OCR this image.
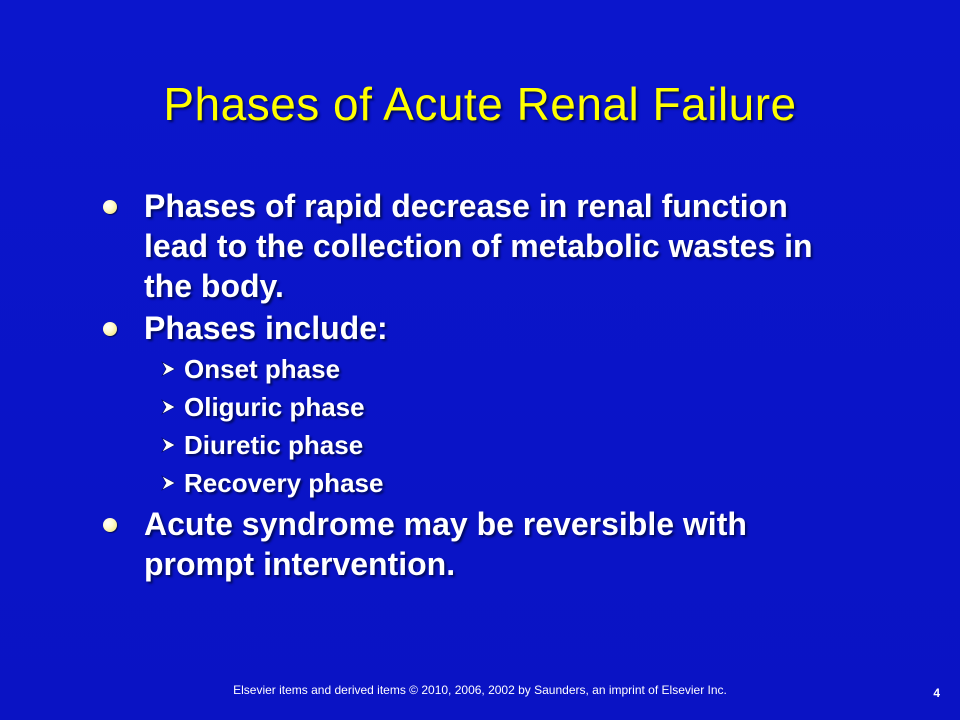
Phases of Acute Renal Failure
Phases of rapid decrease in renal function lead to the collection of metabolic wastes in the body.
Phases include:
Onset phase
Oliguric phase
Diuretic phase
Recovery phase
Acute syndrome may be reversible with prompt intervention.
Elsevier items and derived items © 2010, 2006, 2002 by Saunders, an imprint of Elsevier Inc.	4
